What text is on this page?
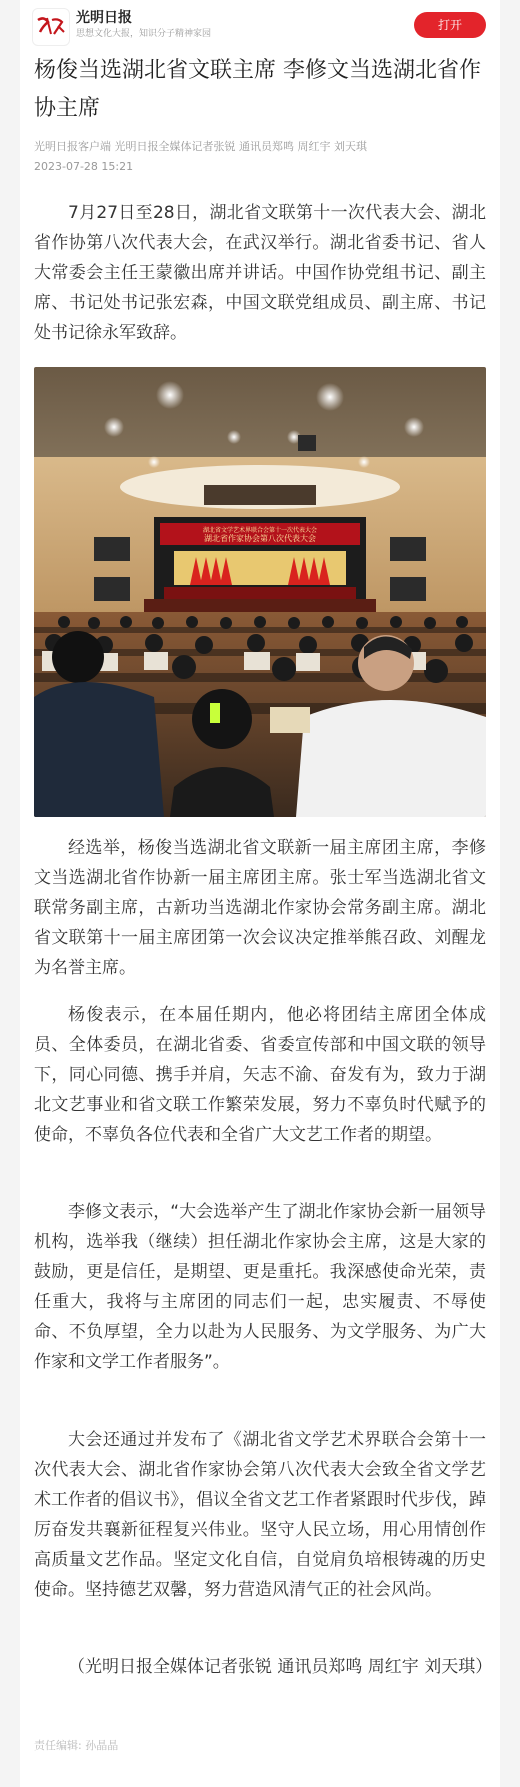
光明日报
思想文化大报，知识分子精神家园
打开
杨俊当选湖北省文联主席 李修文当选湖北省作协主席
光明日报客户端 光明日报全媒体记者张锐 通讯员郑鸣 周红宇 刘天琪
2023-07-28 15:21

7月27日至28日，湖北省文联第十一次代表大会、湖北省作协第八次代表大会，在武汉举行。湖北省委书记、省人大常委会主任王蒙徽出席并讲话。中国作协党组书记、副主席、书记处书记张宏森，中国文联党组成员、副主席、书记处书记徐永军致辞。

湖北省文学艺术界联合会第十一次代表大会
湖北省作家协会第八次代表大会

经选举，杨俊当选湖北省文联新一届主席团主席，李修文当选湖北省作协新一届主席团主席。张士军当选湖北省文联常务副主席，古新功当选湖北作家协会常务副主席。湖北省文联第十一届主席团第一次会议决定推举熊召政、刘醒龙为名誉主席。

杨俊表示，在本届任期内，他必将团结主席团全体成员、全体委员，在湖北省委、省委宣传部和中国文联的领导下，同心同德、携手并肩，矢志不渝、奋发有为，致力于湖北文艺事业和省文联工作繁荣发展，努力不辜负时代赋予的使命，不辜负各位代表和全省广大文艺工作者的期望。

李修文表示，“大会选举产生了湖北作家协会新一届领导机构，选举我（继续）担任湖北作家协会主席，这是大家的鼓励，更是信任，是期望、更是重托。我深感使命光荣，责任重大，我将与主席团的同志们一起，忠实履责、不辱使命、不负厚望，全力以赴为人民服务、为文学服务、为广大作家和文学工作者服务”。

大会还通过并发布了《湖北省文学艺术界联合会第十一次代表大会、湖北省作家协会第八次代表大会致全省文学艺术工作者的倡议书》，倡议全省文艺工作者紧跟时代步伐，踔厉奋发共襄新征程复兴伟业。坚守人民立场，用心用情创作高质量文艺作品。坚定文化自信，自觉肩负培根铸魂的历史使命。坚持德艺双馨，努力营造风清气正的社会风尚。

（光明日报全媒体记者张锐 通讯员郑鸣 周红宇 刘天琪）

责任编辑: 孙晶晶
